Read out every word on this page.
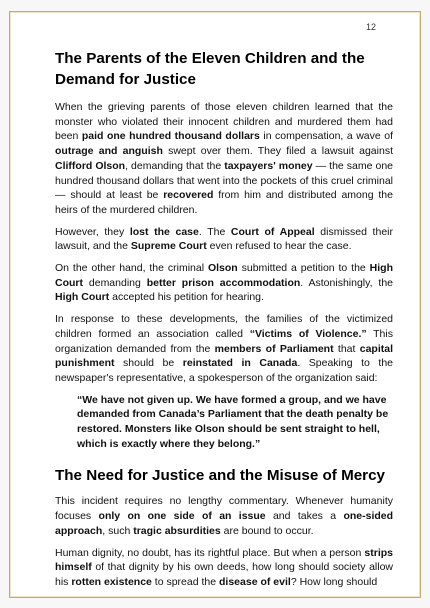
12
The Parents of the Eleven Children and the Demand for Justice

When the grieving parents of those eleven children learned that the monster who violated their innocent children and murdered them had been paid one hundred thousand dollars in compensation, a wave of outrage and anguish swept over them. They filed a lawsuit against Clifford Olson, demanding that the taxpayers' money — the same one hundred thousand dollars that went into the pockets of this cruel criminal — should at least be recovered from him and distributed among the heirs of the murdered children.

However, they lost the case. The Court of Appeal dismissed their lawsuit, and the Supreme Court even refused to hear the case.

On the other hand, the criminal Olson submitted a petition to the High Court demanding better prison accommodation. Astonishingly, the High Court accepted his petition for hearing.

In response to these developments, the families of the victimized children formed an association called “Victims of Violence.” This organization demanded from the members of Parliament that capital punishment should be reinstated in Canada. Speaking to the newspaper's representative, a spokesperson of the organization said:

“We have not given up. We have formed a group, and we have demanded from Canada’s Parliament that the death penalty be restored. Monsters like Olson should be sent straight to hell, which is exactly where they belong.”
The Need for Justice and the Misuse of Mercy

This incident requires no lengthy commentary. Whenever humanity focuses only on one side of an issue and takes a one-sided approach, such tragic absurdities are bound to occur.

Human dignity, no doubt, has its rightful place. But when a person strips himself of that dignity by his own deeds, how long should society allow his rotten existence to spread the disease of evil? How long should
